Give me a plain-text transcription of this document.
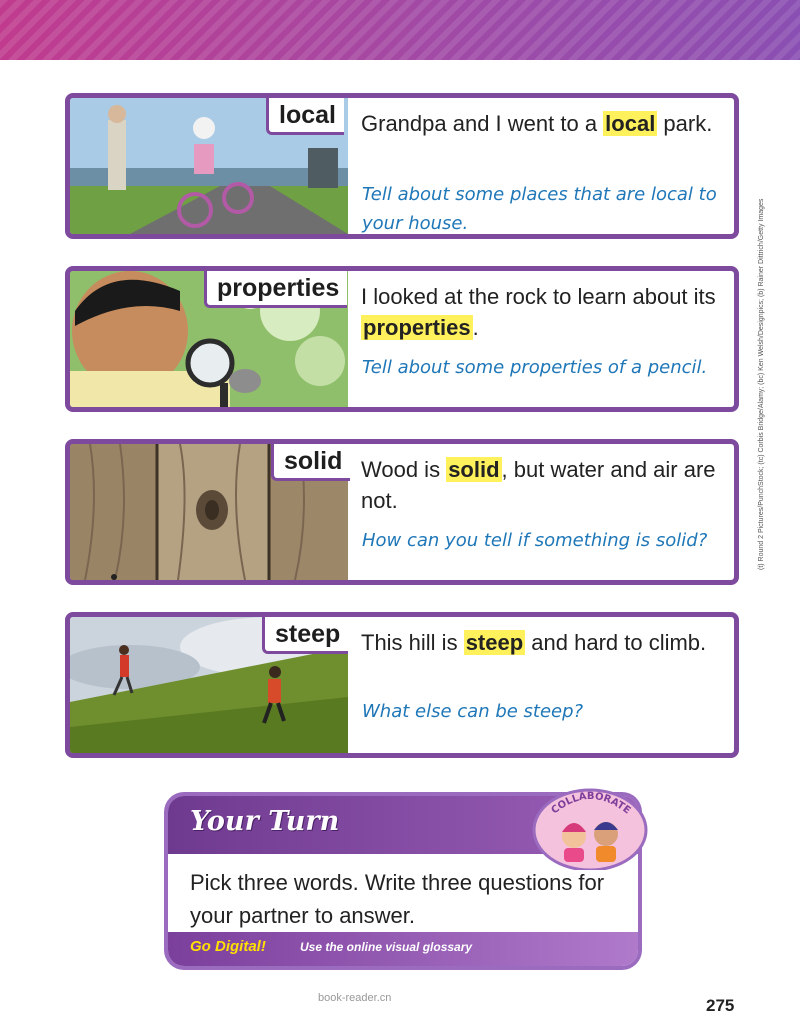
local	Grandpa and I went to a local park.
Tell about some places that are local to your house.
properties I looked at the rock to learn about its properties.
Tell about some properties of a pencil.
solid Wood is solid, but water and air are not.
How can you tell if something is solid?
steep This hill is steep and hard to climb.
What else can be steep?
Your Turn
Pick three words. Write three questions for your partner to answer.
Go Digital!	Use the online visual glossary
COLLABORATE
(t) Round 2 Pictures/PunchStock; (tc) Corbis Bridge/Alamy; (bc) Ken Welsh/Designpics; (b) Rainer Dittrich/Getty Images
book-reader.cn	275
